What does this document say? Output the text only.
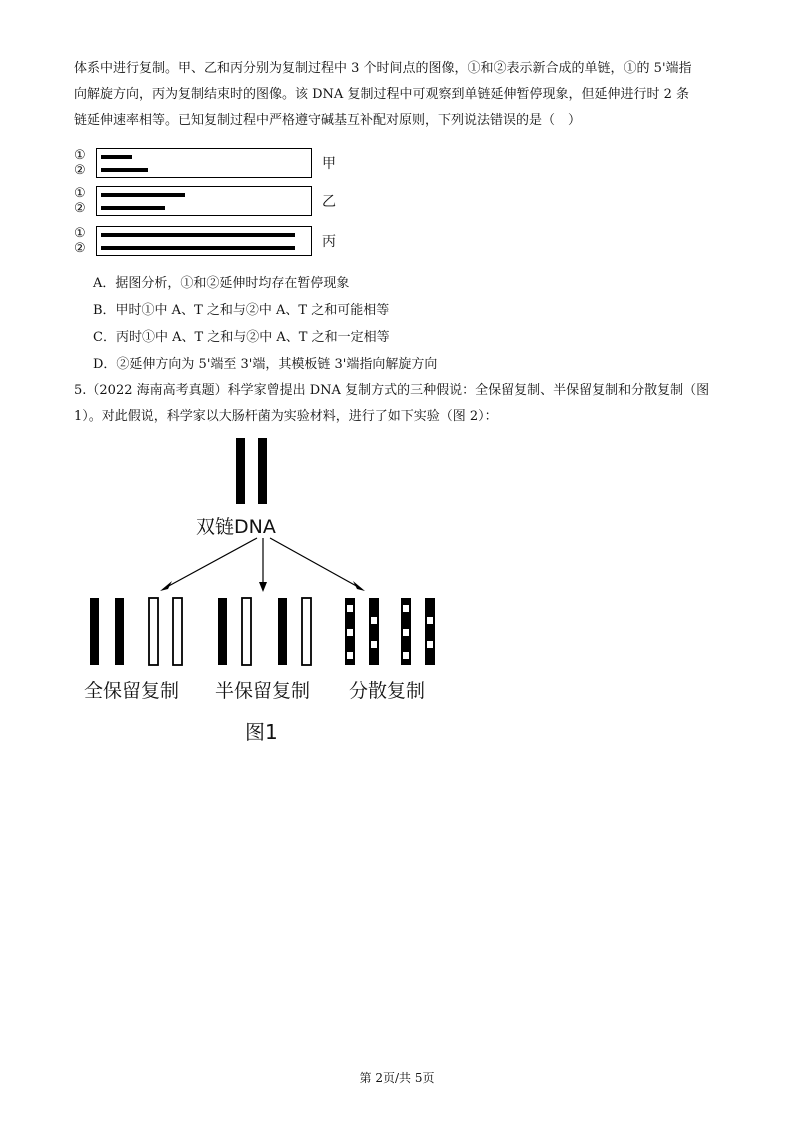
体系中进行复制。甲、乙和丙分别为复制过程中 3 个时间点的图像，①和②表示新合成的单链，①的 5'端指
向解旋方向，丙为复制结束时的图像。该 DNA 复制过程中可观察到单链延伸暂停现象，但延伸进行时 2 条
链延伸速率相等。已知复制过程中严格遵守碱基互补配对原则，下列说法错误的是（　）
①
②	甲
①
②	乙
①
②	丙
A．据图分析，①和②延伸时均存在暂停现象
B．甲时①中 A、T 之和与②中 A、T 之和可能相等
C．丙时①中 A、T 之和与②中 A、T 之和一定相等
D．②延伸方向为 5'端至 3'端，其模板链 3'端指向解旋方向
5.（2022 海南高考真题）科学家曾提出 DNA 复制方式的三种假说：全保留复制、半保留复制和分散复制（图
1）。对此假说，科学家以大肠杆菌为实验材料，进行了如下实验（图 2）：
双链DNA
全保留复制 半保留复制 分散复制
图1
第 2页/共 5页
